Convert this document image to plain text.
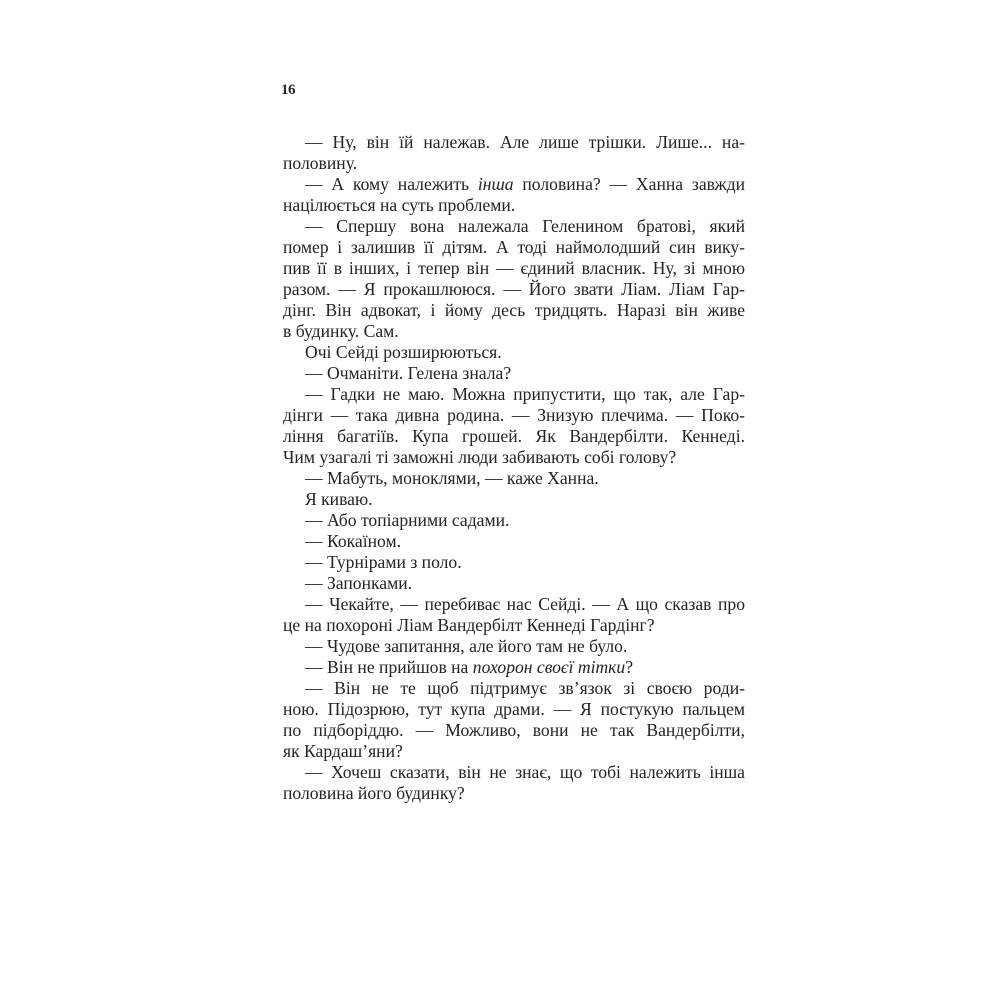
16
— Ну, він їй належав. Але лише трішки. Лише... на-
половину.
— А кому належить інша половина? — Ханна завжди
націлюється на суть проблеми.
— Спершу вона належала Геленином братові, який
помер і залишив її дітям. А тоді наймолодший син вику-
пив її в інших, і тепер він — єдиний власник. Ну, зі мною
разом. — Я прокашлююся. — Його звати Ліам. Ліам Гар-
дінг. Він адвокат, і йому десь тридцять. Наразі він живе
в будинку. Сам.
Очі Сейді розширюються.
— Очманіти. Гелена знала?
— Гадки не маю. Можна припустити, що так, але Гар-
дінги — така дивна родина. — Знизую плечима. — Поко-
ління багатіїв. Купа грошей. Як Вандербілти. Кеннеді.
Чим узагалі ті заможні люди забивають собі голову?
— Мабуть, моноклями, — каже Ханна.
Я киваю.
— Або топіарними садами.
— Кокаїном.
— Турнірами з поло.
— Запонками.
— Чекайте, — перебиває нас Сейді. — А що сказав про
це на похороні Ліам Вандербілт Кеннеді Гардінг?
— Чудове запитання, але його там не було.
— Він не прийшов на похорон своєї тітки?
— Він не те щоб підтримує зв’язок зі своєю роди-
ною. Підозрюю, тут купа драми. — Я постукую пальцем
по підборіддю. — Можливо, вони не так Вандербілти,
як Кардаш’яни?
— Хочеш сказати, він не знає, що тобі належить інша
половина його будинку?
